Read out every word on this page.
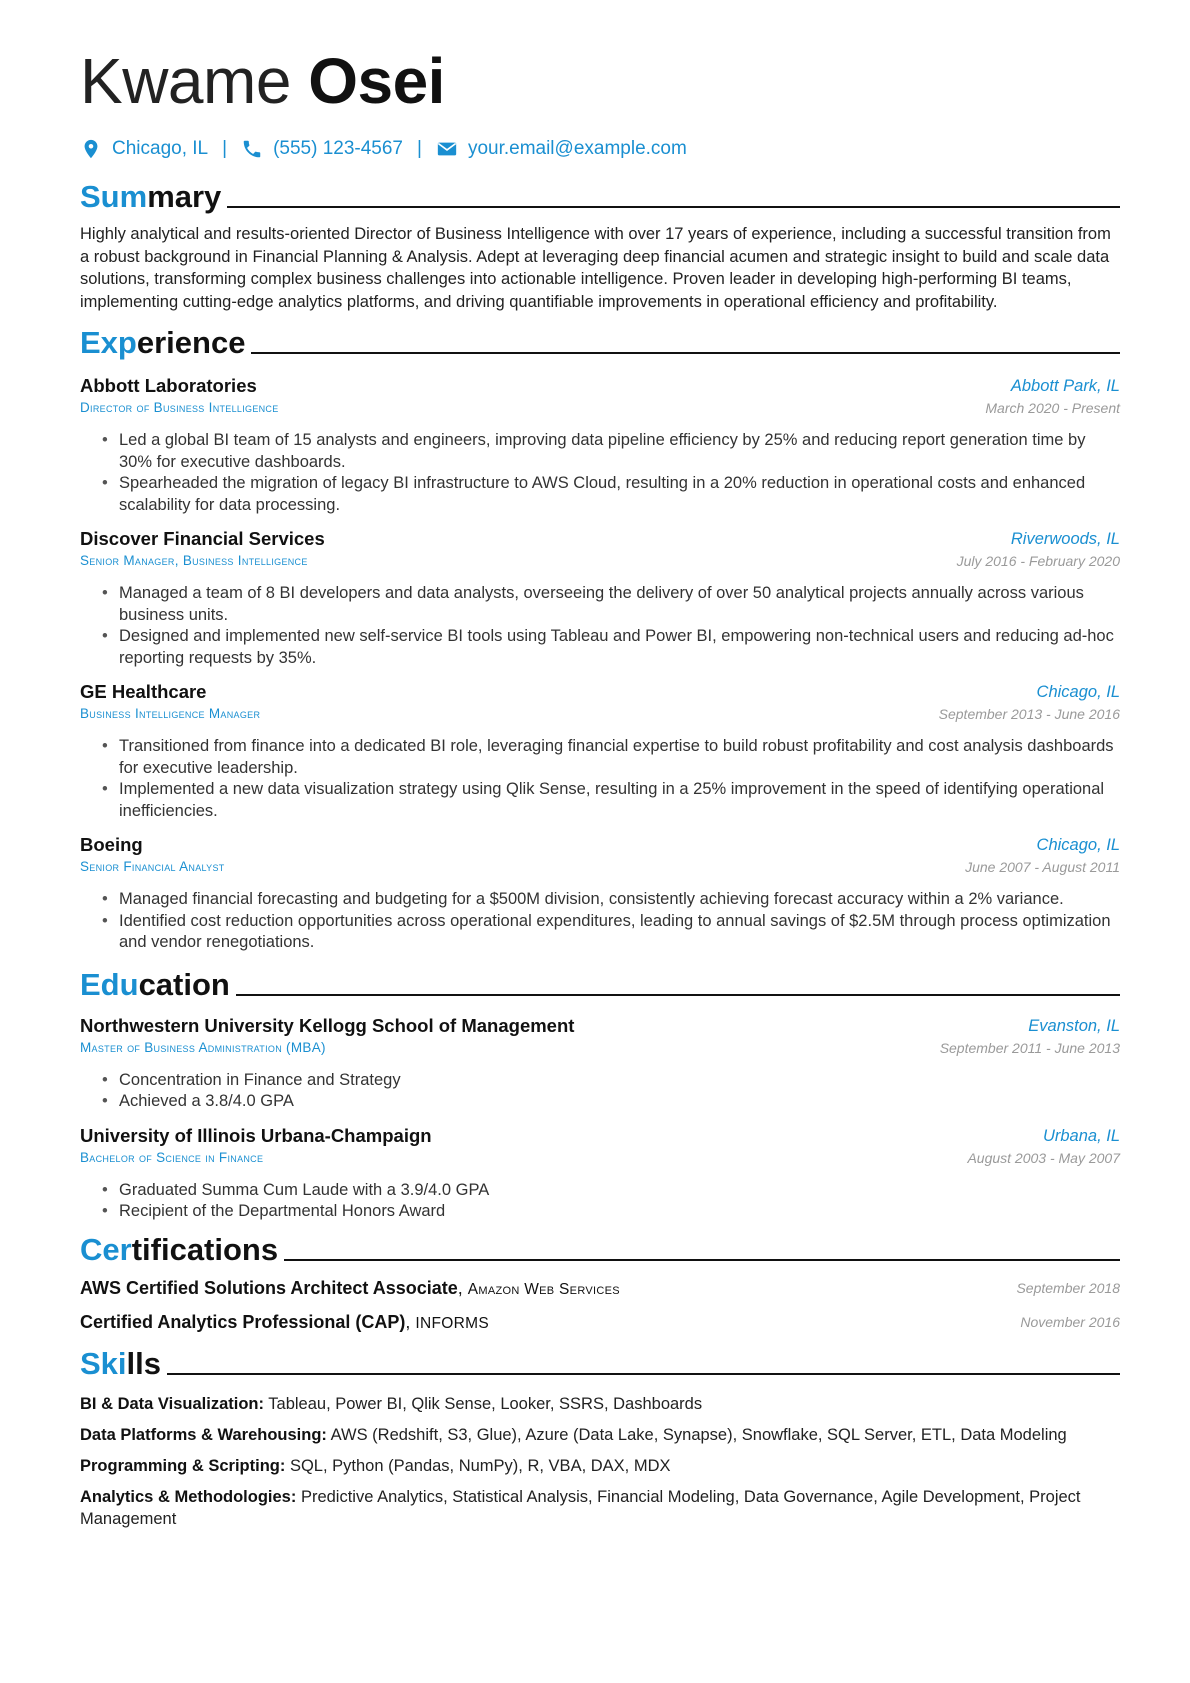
Kwame Osei
Chicago, IL | (555) 123-4567 | your.email@example.com
Sum mary
Highly analytical and results-oriented Director of Business Intelligence with over 17 years of experience, including a successful transition from a robust background in Financial Planning & Analysis. Adept at leveraging deep financial acumen and strategic insight to build and scale data solutions, transforming complex business challenges into actionable intelligence. Proven leader in developing high-performing BI teams, implementing cutting-edge analytics platforms, and driving quantifiable improvements in operational efficiency and profitability.
Exp erience
Abbott Laboratories
Director of Business Intelligence
Abbott Park, IL
March 2020 - Present
• Led a global BI team of 15 analysts and engineers, improving data pipeline efficiency by 25% and reducing report generation time by 30% for executive dashboards.
• Spearheaded the migration of legacy BI infrastructure to AWS Cloud, resulting in a 20% reduction in operational costs and enhanced scalability for data processing.
Discover Financial Services
Senior Manager, Business Intelligence
Riverwoods, IL
July 2016 - February 2020
• Managed a team of 8 BI developers and data analysts, overseeing the delivery of over 50 analytical projects annually across various business units.
• Designed and implemented new self-service BI tools using Tableau and Power BI, empowering non-technical users and reducing ad-hoc reporting requests by 35%.
GE Healthcare
Business Intelligence Manager
Chicago, IL
September 2013 - June 2016
• Transitioned from finance into a dedicated BI role, leveraging financial expertise to build robust profitability and cost analysis dashboards for executive leadership.
• Implemented a new data visualization strategy using Qlik Sense, resulting in a 25% improvement in the speed of identifying operational inefficiencies.
Boeing
Senior Financial Analyst
Chicago, IL
June 2007 - August 2011
• Managed financial forecasting and budgeting for a $500M division, consistently achieving forecast accuracy within a 2% variance.
• Identified cost reduction opportunities across operational expenditures, leading to annual savings of $2.5M through process optimization and vendor renegotiations.
Edu cation
Northwestern University Kellogg School of Management
Master of Business Administration (MBA)
Evanston, IL
September 2011 - June 2013
• Concentration in Finance and Strategy
• Achieved a 3.8/4.0 GPA
University of Illinois Urbana-Champaign
Bachelor of Science in Finance
Urbana, IL
August 2003 - May 2007
• Graduated Summa Cum Laude with a 3.9/4.0 GPA
• Recipient of the Departmental Honors Award
Cer tifications
AWS Certified Solutions Architect Associate, Amazon Web Services	September 2018
Certified Analytics Professional (CAP), INFORMS	November 2016
Ski lls
BI & Data Visualization: Tableau, Power BI, Qlik Sense, Looker, SSRS, Dashboards
Data Platforms & Warehousing: AWS (Redshift, S3, Glue), Azure (Data Lake, Synapse), Snowflake, SQL Server, ETL, Data Modeling
Programming & Scripting: SQL, Python (Pandas, NumPy), R, VBA, DAX, MDX
Analytics & Methodologies: Predictive Analytics, Statistical Analysis, Financial Modeling, Data Governance, Agile Development, Project Management
